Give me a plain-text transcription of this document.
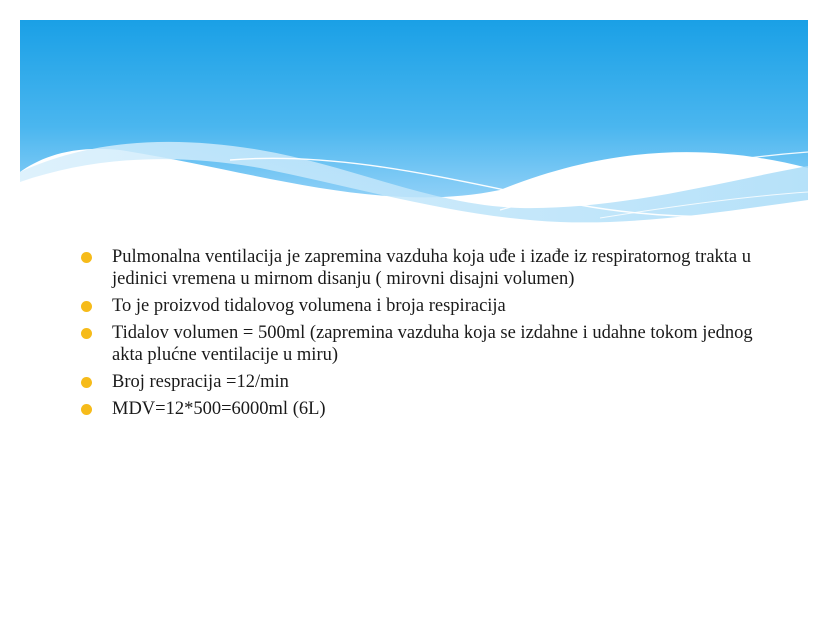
Pulmonalna ventilacija je zapremina vazduha koja uđe i izađe iz respiratornog trakta u jedinici vremena u mirnom disanju ( mirovni disajni volumen)
To je proizvod tidalovog volumena i broja respiracija
Tidalov volumen = 500ml (zapremina vazduha koja se izdahne i udahne tokom jednog akta plućne ventilacije u miru)
Broj respracija =12/min
MDV=12*500=6000ml (6L)
